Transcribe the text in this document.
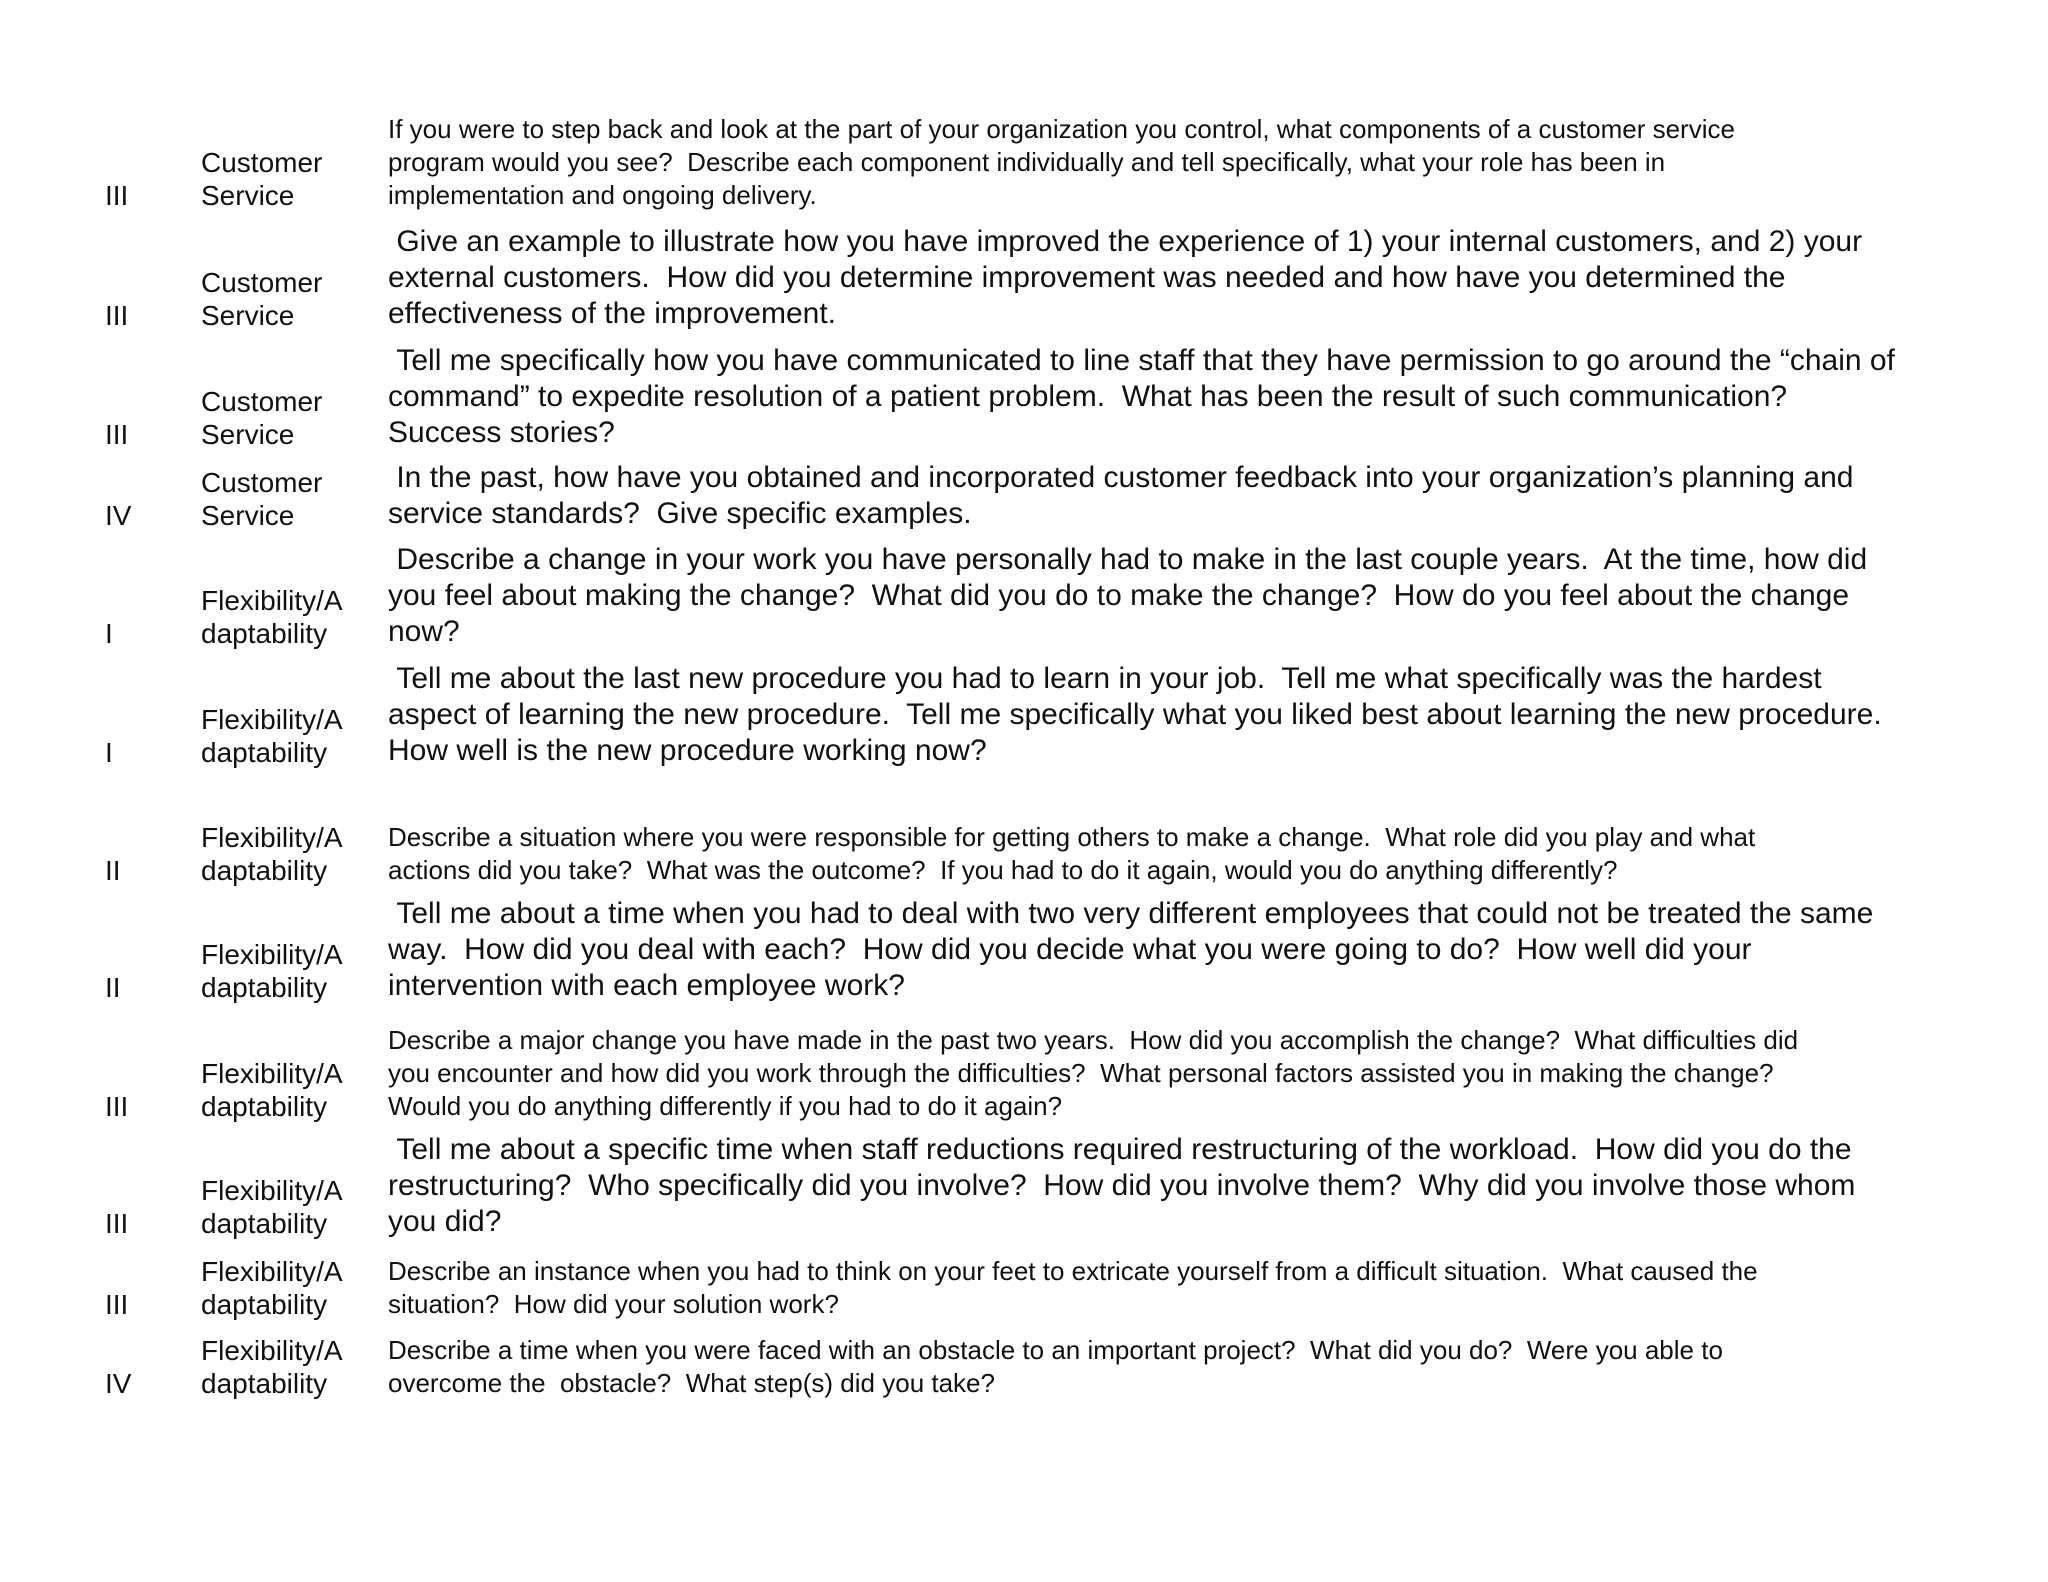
III
Customer
Service
If you were to step back and look at the part of your organization you control, what components of a customer service
program would you see?  Describe each component individually and tell specifically, what your role has been in
implementation and ongoing delivery.
III
Customer
Service
Give an example to illustrate how you have improved the experience of 1) your internal customers, and 2) your
external customers.  How did you determine improvement was needed and how have you determined the
effectiveness of the improvement.
III
Customer
Service
Tell me specifically how you have communicated to line staff that they have permission to go around the “chain of
command” to expedite resolution of a patient problem.  What has been the result of such communication?
Success stories?
IV
Customer
Service
In the past, how have you obtained and incorporated customer feedback into your organization’s planning and
service standards?  Give specific examples.
I
Flexibility/A
daptability
Describe a change in your work you have personally had to make in the last couple years.  At the time, how did
you feel about making the change?  What did you do to make the change?  How do you feel about the change
now?
I
Flexibility/A
daptability
Tell me about the last new procedure you had to learn in your job.  Tell me what specifically was the hardest
aspect of learning the new procedure.  Tell me specifically what you liked best about learning the new procedure.
How well is the new procedure working now?
II
Flexibility/A
daptability
Describe a situation where you were responsible for getting others to make a change.  What role did you play and what
actions did you take?  What was the outcome?  If you had to do it again, would you do anything differently?
II
Flexibility/A
daptability
Tell me about a time when you had to deal with two very different employees that could not be treated the same
way.  How did you deal with each?  How did you decide what you were going to do?  How well did your
intervention with each employee work?
III
Flexibility/A
daptability
Describe a major change you have made in the past two years.  How did you accomplish the change?  What difficulties did
you encounter and how did you work through the difficulties?  What personal factors assisted you in making the change?
Would you do anything differently if you had to do it again?
III
Flexibility/A
daptability
Tell me about a specific time when staff reductions required restructuring of the workload.  How did you do the
restructuring?  Who specifically did you involve?  How did you involve them?  Why did you involve those whom
you did?
III
Flexibility/A
daptability
Describe an instance when you had to think on your feet to extricate yourself from a difficult situation.  What caused the
situation?  How did your solution work?
IV
Flexibility/A
daptability
Describe a time when you were faced with an obstacle to an important project?  What did you do?  Were you able to
overcome the  obstacle?  What step(s) did you take?
